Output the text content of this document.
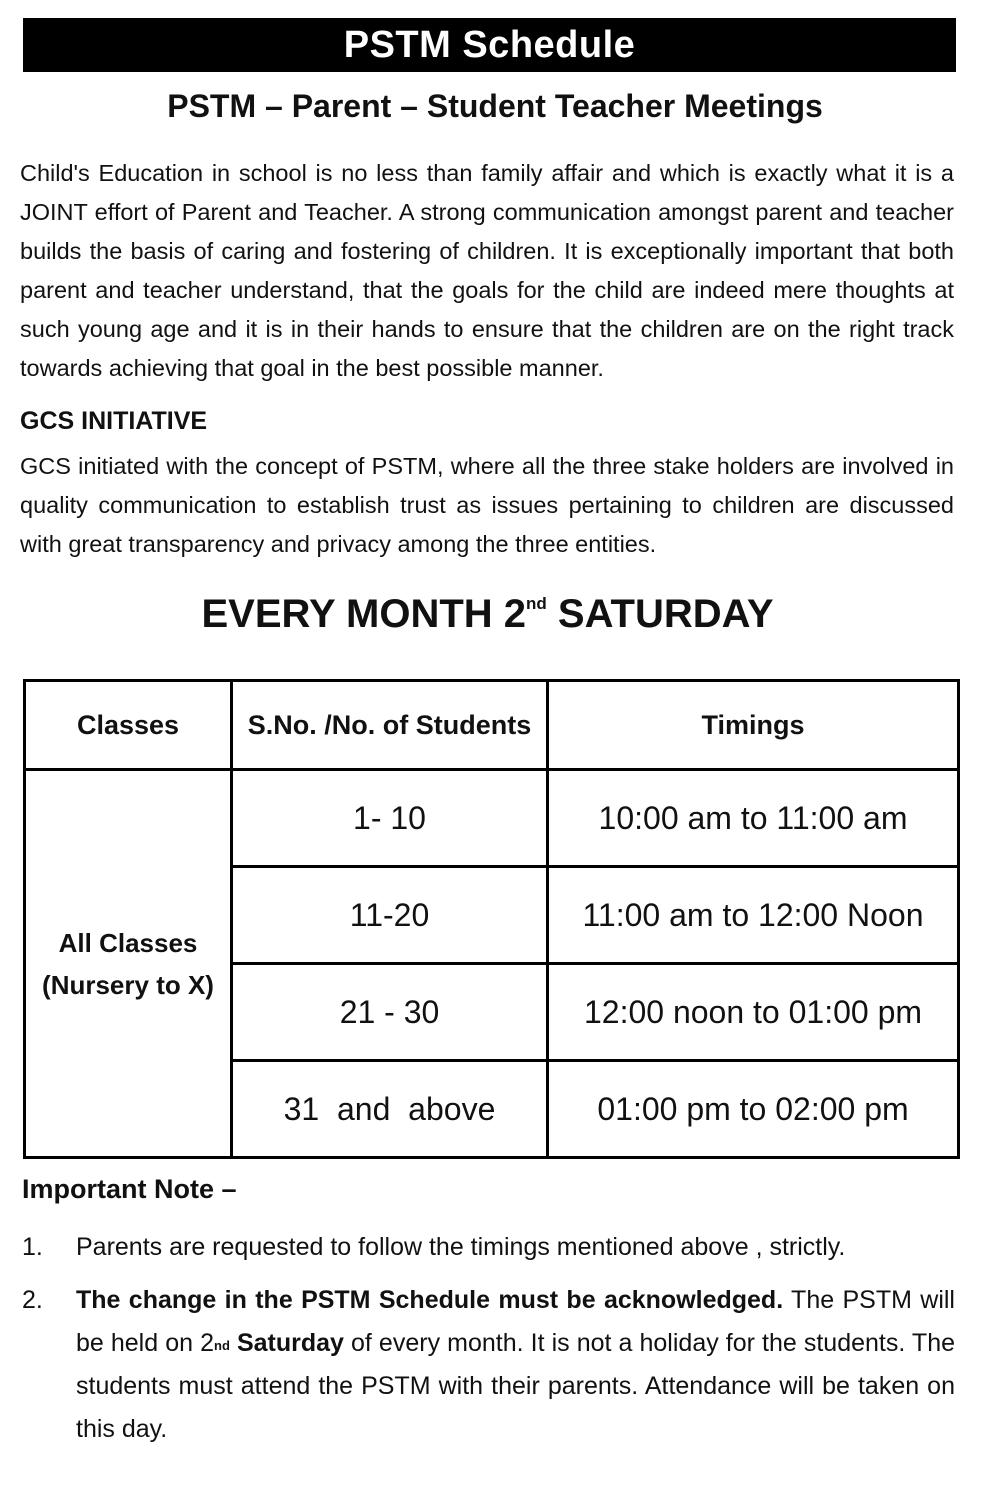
PSTM Schedule
PSTM – Parent – Student Teacher Meetings

Child's Education in school is no less than family affair and which is exactly what it is a JOINT effort of Parent and Teacher. A strong communication amongst parent and teacher builds the basis of caring and fostering of children. It is exceptionally important that both parent and teacher understand, that the goals for the child are indeed mere thoughts at such young age and it is in their hands to ensure that the children are on the right track towards achieving that goal in the best possible manner.

GCS INITIATIVE

GCS initiated with the concept of PSTM, where all the three stake holders are involved in quality communication to establish trust as issues pertaining to children are discussed with great transparency and privacy among the three entities.

EVERY MONTH 2nd SATURDAY
Classes	S.No. /No. of Students	Timings

All Classes
(Nursery to X)	1- 10	10:00 am to 11:00 am
	11-20	11:00 am to 12:00 Noon
	21 - 30	12:00 noon to 01:00 pm
	31  and  above	01:00 pm to 02:00 pm
Important Note –
1.	Parents are requested to follow the timings mentioned above , strictly.
2.	The change in the PSTM Schedule must be acknowledged. The PSTM will be held on 2nd Saturday of every month. It is not a holiday for the students. The students must attend the PSTM with their parents. Attendance will be taken on this day.
